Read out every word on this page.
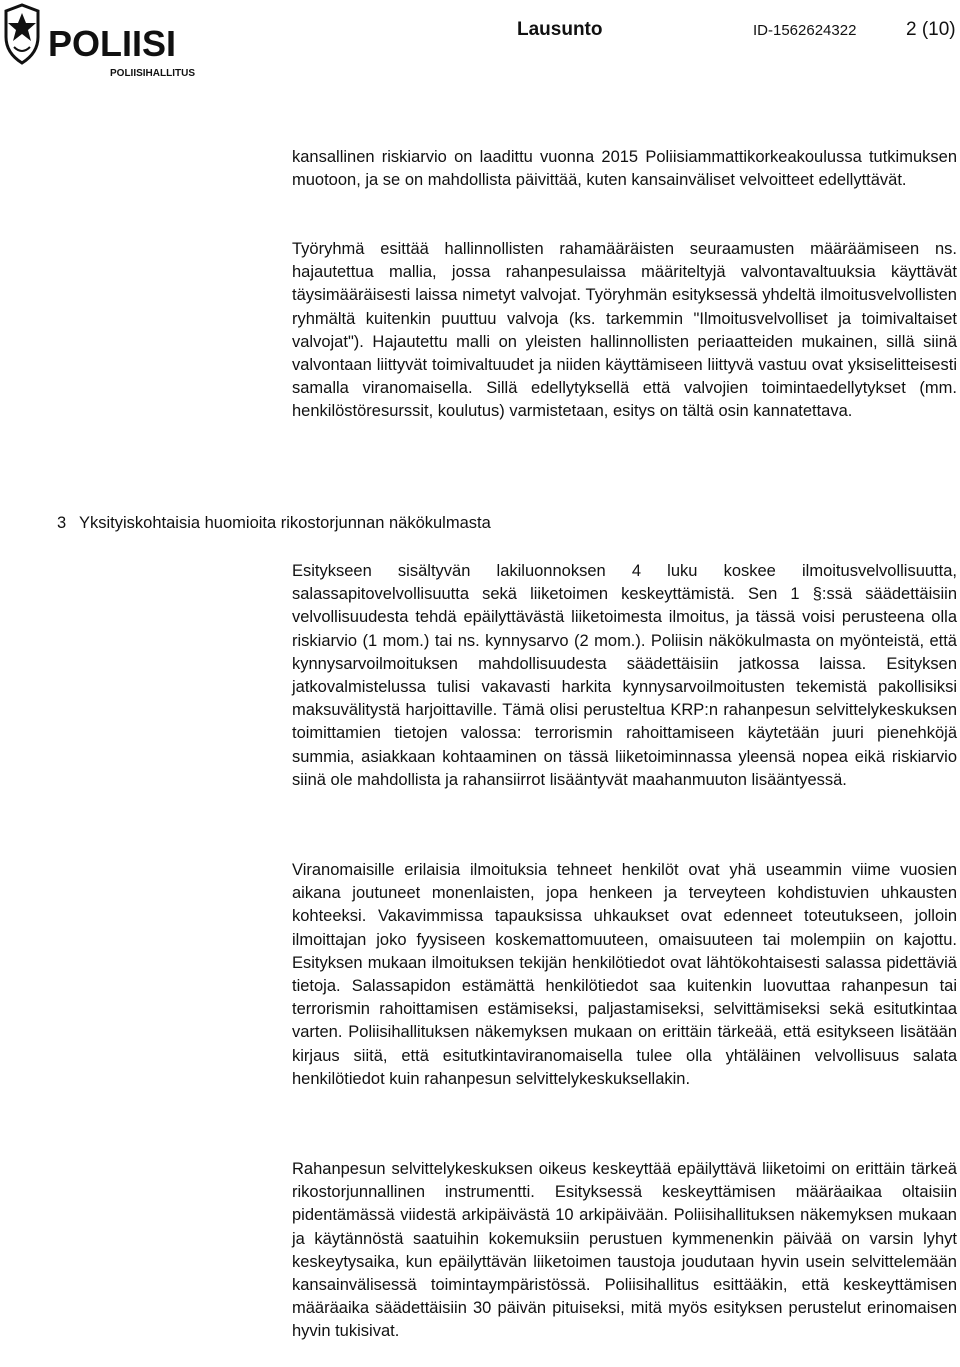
POLIISI
POLIISIHALLITUS
Lausunto	ID-1562624322	2 (10)

kansallinen riskiarvio on laadittu vuonna 2015 Poliisiammattikorkeakoulussa tutkimuksen muotoon, ja se on mahdollista päivittää, kuten kansainväliset velvoitteet edellyttävät.

Työryhmä esittää hallinnollisten rahamääräisten seuraamusten määräämiseen ns. hajautettua mallia, jossa rahanpesulaissa määriteltyjä valvontavaltuuksia käyttävät täysimääräisesti laissa nimetyt valvojat. Työryhmän esityksessä yhdeltä ilmoitusvelvollisten ryhmältä kuitenkin puuttuu valvoja (ks. tarkemmin "Ilmoitusvelvolliset ja toimivaltaiset valvojat"). Hajautettu malli on yleisten hallinnollisten periaatteiden mukainen, sillä siinä valvontaan liittyvät toimivaltuudet ja niiden käyttämiseen liittyvä vastuu ovat yksiselitteisesti samalla viranomaisella. Sillä edellytyksellä että valvojien toimintaedellytykset (mm. henkilöstöresurssit, koulutus) varmistetaan, esitys on tältä osin kannatettava.

3 Yksityiskohtaisia huomioita rikostorjunnan näkökulmasta

Esitykseen sisältyvän lakiluonnoksen 4 luku koskee ilmoitusvelvollisuutta, salassapitovelvollisuutta sekä liiketoimen keskeyttämistä. Sen 1 §:ssä säädettäisiin velvollisuudesta tehdä epäilyttävästä liiketoimesta ilmoitus, ja tässä voisi perusteena olla riskiarvio (1 mom.) tai ns. kynnysarvo (2 mom.). Poliisin näkökulmasta on myönteistä, että kynnysarvoilmoituksen mahdollisuudesta säädettäisiin jatkossa laissa. Esityksen jatkovalmistelussa tulisi vakavasti harkita kynnysarvoilmoitusten tekemistä pakollisiksi maksuvälitystä harjoittaville. Tämä olisi perusteltua KRP:n rahanpesun selvittelykeskuksen toimittamien tietojen valossa: terrorismin rahoittamiseen käytetään juuri pienehköjä summia, asiakkaan kohtaaminen on tässä liiketoiminnassa yleensä nopea eikä riskiarvio siinä ole mahdollista ja rahansiirrot lisääntyvät maahanmuuton lisääntyessä.

Viranomaisille erilaisia ilmoituksia tehneet henkilöt ovat yhä useammin viime vuosien aikana joutuneet monenlaisten, jopa henkeen ja terveyteen kohdistuvien uhkausten kohteeksi. Vakavimmissa tapauksissa uhkaukset ovat edenneet toteutukseen, jolloin ilmoittajan joko fyysiseen koskemattomuuteen, omaisuuteen tai molempiin on kajottu. Esityksen mukaan ilmoituksen tekijän henkilötiedot ovat lähtökohtaisesti salassa pidettäviä tietoja. Salassapidon estämättä henkilötiedot saa kuitenkin luovuttaa rahanpesun tai terrorismin rahoittamisen estämiseksi, paljastamiseksi, selvittämiseksi sekä esitutkintaa varten. Poliisihallituksen näkemyksen mukaan on erittäin tärkeää, että esitykseen lisätään kirjaus siitä, että esitutkintaviranomaisella tulee olla yhtäläinen velvollisuus salata henkilötiedot kuin rahanpesun selvittelykeskuksellakin.

Rahanpesun selvittelykeskuksen oikeus keskeyttää epäilyttävä liiketoimi on erittäin tärkeä rikostorjunnallinen instrumentti. Esityksessä keskeyttämisen määräaikaa oltaisiin pidentämässä viidestä arkipäivästä 10 arkipäivään. Poliisihallituksen näkemyksen mukaan ja käytännöstä saatuihin kokemuksiin perustuen kymmenenkin päivää on varsin lyhyt keskeytysaika, kun epäilyttävän liiketoimen taustoja joudutaan hyvin usein selvittelemään kansainvälisessä toimintaympäristössä. Poliisihallitus esittääkin, että keskeyttämisen määräaika säädettäisiin 30 päivän pituiseksi, mitä myös esityksen perustelut erinomaisen hyvin tukisivat.
